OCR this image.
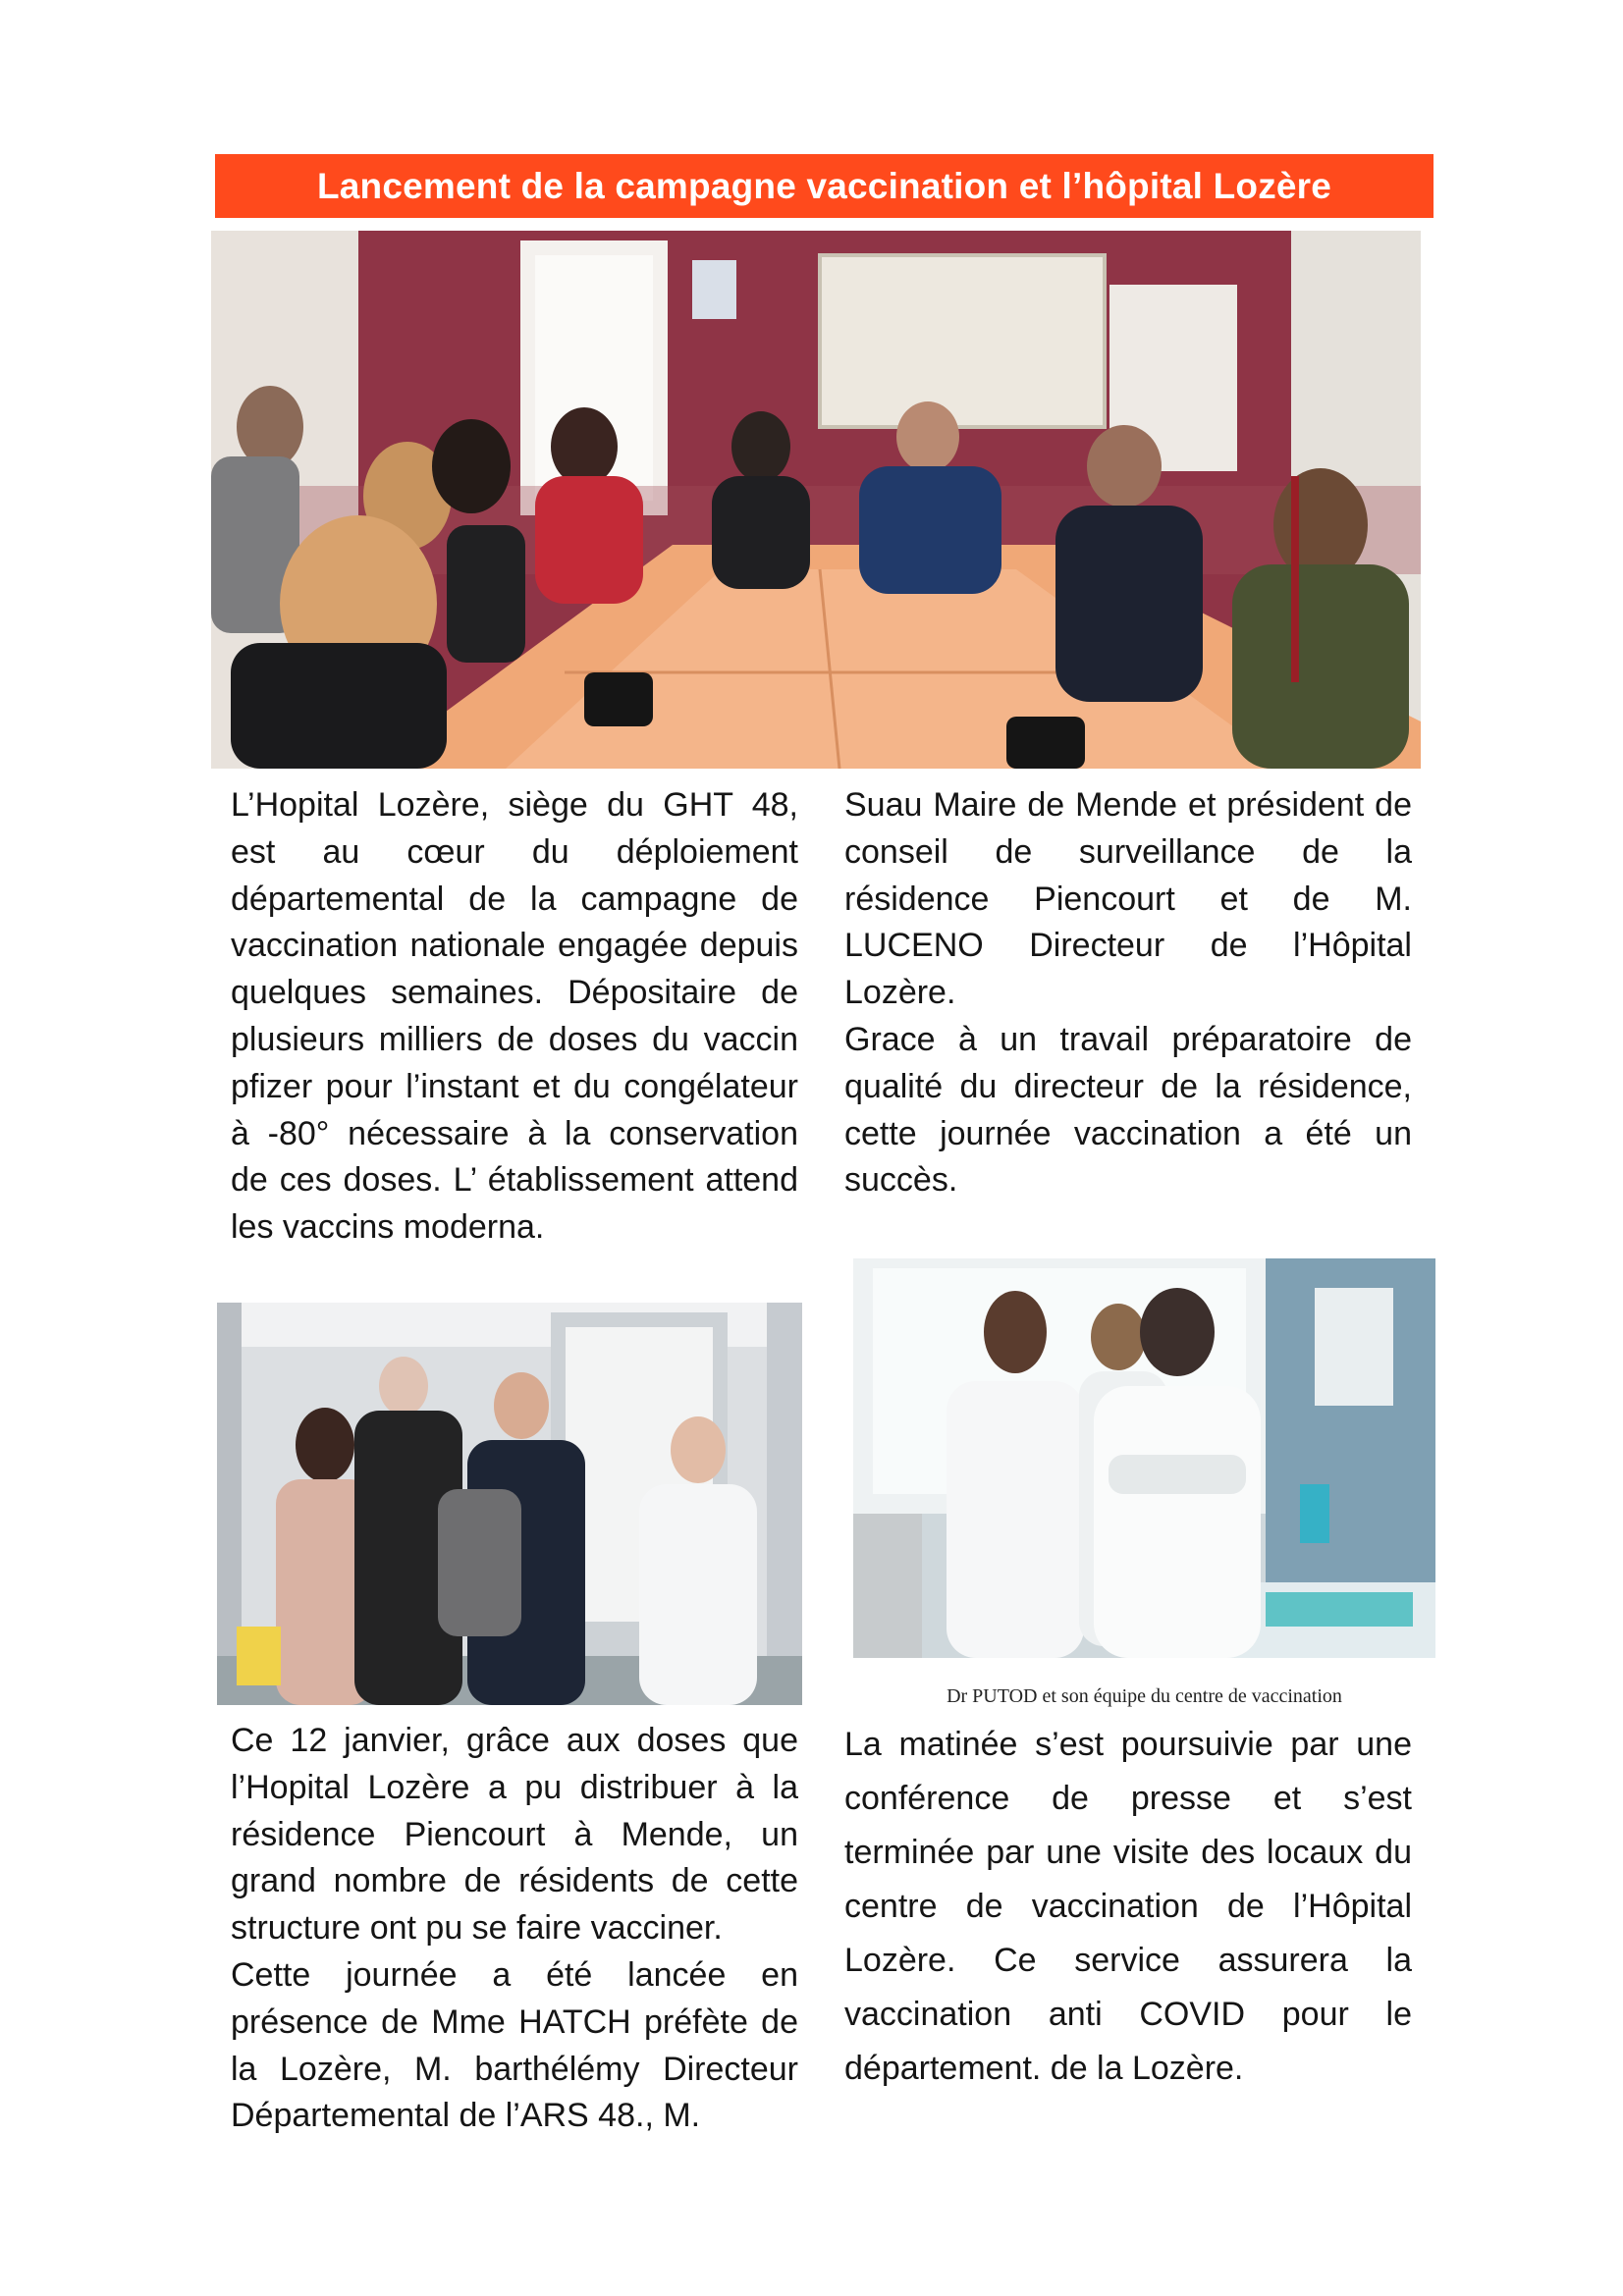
Lancement de la campagne vaccination et l’hôpital Lozère

L’Hopital Lozère, siège du GHT 48, est au cœur du déploiement départemental de la campagne de vaccination nationale engagée depuis quelques semaines. Dépositaire de plusieurs milliers de doses du vaccin pfizer pour l’instant et du congélateur à -80° nécessaire à la conservation de ces doses. L’ établissement attend les vaccins moderna.

Suau Maire de Mende et président de conseil de surveillance de la résidence Piencourt et de M. LUCENO Directeur de l’Hôpital Lozère.

Grace à un travail préparatoire de qualité du directeur de la résidence, cette journée vaccination a été un succès.

Dr PUTOD et son équipe du centre de vaccination

Ce 12 janvier, grâce aux doses que l’Hopital Lozère a pu distribuer à la résidence Piencourt à Mende, un grand nombre de résidents de cette structure ont pu se faire vacciner.

Cette journée a été lancée en présence de Mme HATCH préfète de la Lozère, M. barthélémy Directeur Départemental de l’ARS 48., M.

La matinée s’est poursuivie par une conférence de presse et s’est terminée par une visite des locaux du centre de vaccination de l’Hôpital Lozère. Ce service assurera la vaccination anti COVID pour le département. de la Lozère.
